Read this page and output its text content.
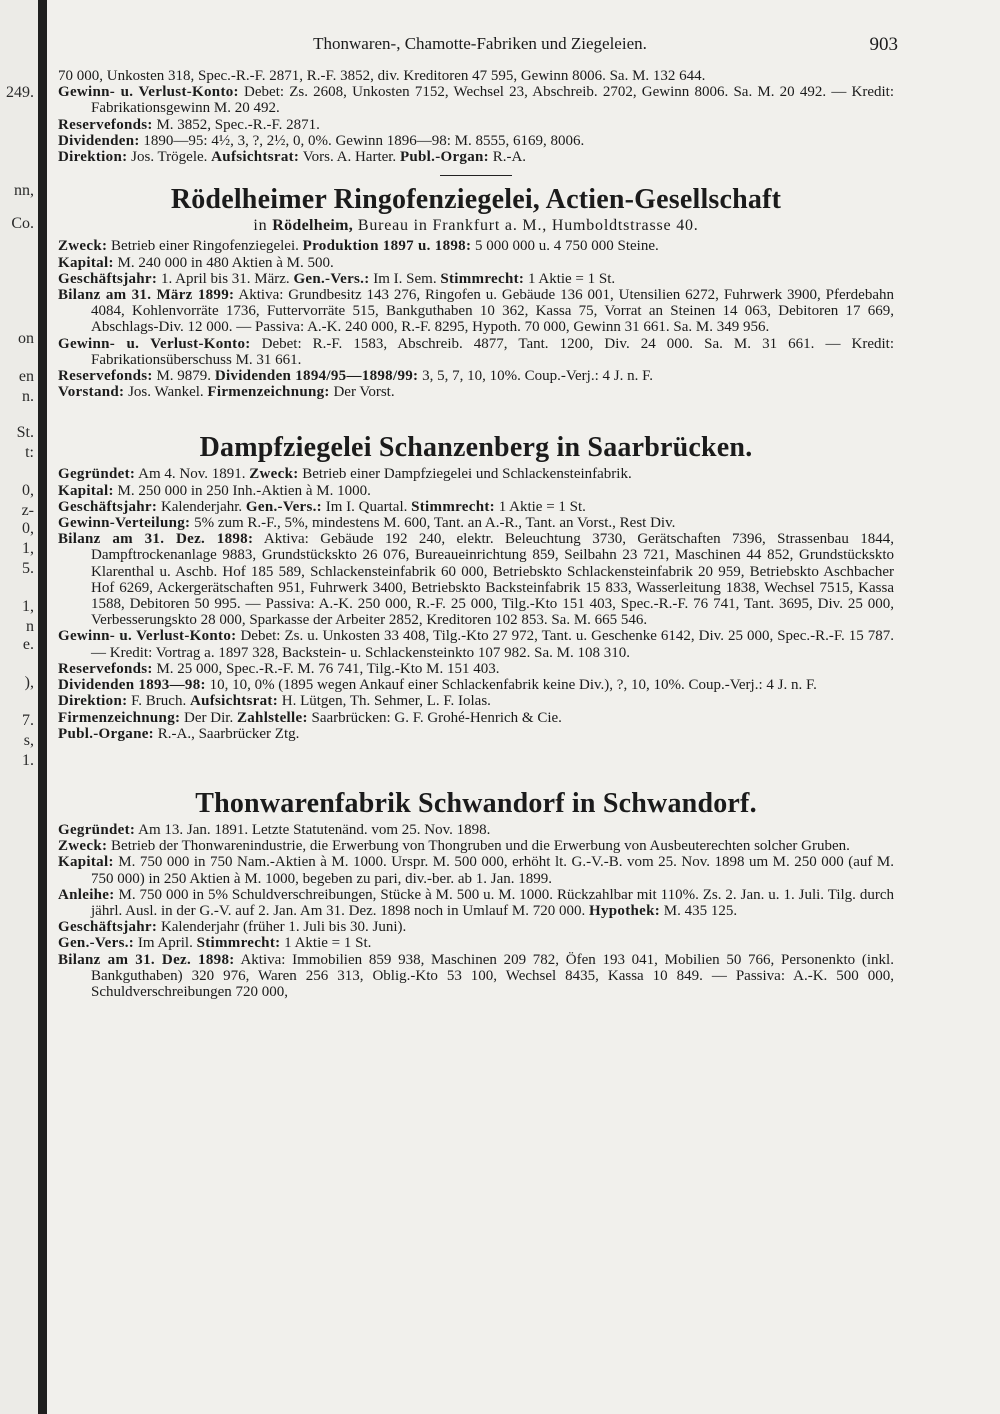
249.
nn,
Co.
on
en
n.
St.
t:
0,
z-
0,
1,
5.
1,
n
e.
),
7.
s,
1.
Thonwaren-, Chamotte-Fabriken und Ziegeleien.	903

70 000, Unkosten 318, Spec.-R.-F. 2871, R.-F. 3852, div. Kreditoren 47 595, Gewinn 8006. Sa. M. 132 644.

Gewinn- u. Verlust-Konto: Debet: Zs. 2608, Unkosten 7152, Wechsel 23, Abschreib. 2702, Gewinn 8006. Sa. M. 20 492. — Kredit: Fabrikationsgewinn M. 20 492.

Reservefonds: M. 3852, Spec.-R.-F. 2871.

Dividenden: 1890—95: 4½, 3, ?, 2½, 0, 0%. Gewinn 1896—98: M. 8555, 6169, 8006.

Direktion: Jos. Trögele. Aufsichtsrat: Vors. A. Harter. Publ.-Organ: R.-A.

Rödelheimer Ringofenziegelei, Actien-Gesellschaft
in Rödelheim, Bureau in Frankfurt a. M., Humboldtstrasse 40.

Zweck: Betrieb einer Ringofenziegelei. Produktion 1897 u. 1898: 5 000 000 u. 4 750 000 Steine.

Kapital: M. 240 000 in 480 Aktien à M. 500.

Geschäftsjahr: 1. April bis 31. März. Gen.-Vers.: Im I. Sem. Stimmrecht: 1 Aktie = 1 St.

Bilanz am 31. März 1899: Aktiva: Grundbesitz 143 276, Ringofen u. Gebäude 136 001, Utensilien 6272, Fuhrwerk 3900, Pferdebahn 4084, Kohlenvorräte 1736, Futtervorräte 515, Bankguthaben 10 362, Kassa 75, Vorrat an Steinen 14 063, Debitoren 17 669, Abschlags-Div. 12 000. — Passiva: A.-K. 240 000, R.-F. 8295, Hypoth. 70 000, Gewinn 31 661. Sa. M. 349 956.

Gewinn- u. Verlust-Konto: Debet: R.-F. 1583, Abschreib. 4877, Tant. 1200, Div. 24 000. Sa. M. 31 661. — Kredit: Fabrikationsüberschuss M. 31 661.

Reservefonds: M. 9879. Dividenden 1894/95—1898/99: 3, 5, 7, 10, 10%. Coup.-Verj.: 4 J. n. F.

Vorstand: Jos. Wankel. Firmenzeichnung: Der Vorst.

Dampfziegelei Schanzenberg in Saarbrücken.

Gegründet: Am 4. Nov. 1891. Zweck: Betrieb einer Dampfziegelei und Schlackensteinfabrik.

Kapital: M. 250 000 in 250 Inh.-Aktien à M. 1000.

Geschäftsjahr: Kalenderjahr. Gen.-Vers.: Im I. Quartal. Stimmrecht: 1 Aktie = 1 St.

Gewinn-Verteilung: 5% zum R.-F., 5%, mindestens M. 600, Tant. an A.-R., Tant. an Vorst., Rest Div.

Bilanz am 31. Dez. 1898: Aktiva: Gebäude 192 240, elektr. Beleuchtung 3730, Gerätschaften 7396, Strassenbau 1844, Dampftrockenanlage 9883, Grundstückskto 26 076, Bureaueinrichtung 859, Seilbahn 23 721, Maschinen 44 852, Grundstückskto Klarenthal u. Aschb. Hof 185 589, Schlackensteinfabrik 60 000, Betriebskto Schlackensteinfabrik 20 959, Betriebskto Aschbacher Hof 6269, Ackergerätschaften 951, Fuhrwerk 3400, Betriebskto Backsteinfabrik 15 833, Wasserleitung 1838, Wechsel 7515, Kassa 1588, Debitoren 50 995. — Passiva: A.-K. 250 000, R.-F. 25 000, Tilg.-Kto 151 403, Spec.-R.-F. 76 741, Tant. 3695, Div. 25 000, Verbesserungskto 28 000, Sparkasse der Arbeiter 2852, Kreditoren 102 853. Sa. M. 665 546.

Gewinn- u. Verlust-Konto: Debet: Zs. u. Unkosten 33 408, Tilg.-Kto 27 972, Tant. u. Geschenke 6142, Div. 25 000, Spec.-R.-F. 15 787. — Kredit: Vortrag a. 1897 328, Backstein- u. Schlackensteinkto 107 982. Sa. M. 108 310.

Reservefonds: M. 25 000, Spec.-R.-F. M. 76 741, Tilg.-Kto M. 151 403.

Dividenden 1893—98: 10, 10, 0% (1895 wegen Ankauf einer Schlackenfabrik keine Div.), ?, 10, 10%. Coup.-Verj.: 4 J. n. F.

Direktion: F. Bruch. Aufsichtsrat: H. Lütgen, Th. Sehmer, L. F. Iolas.

Firmenzeichnung: Der Dir. Zahlstelle: Saarbrücken: G. F. Grohé-Henrich & Cie.

Publ.-Organe: R.-A., Saarbrücker Ztg.

Thonwarenfabrik Schwandorf in Schwandorf.

Gegründet: Am 13. Jan. 1891. Letzte Statutenänd. vom 25. Nov. 1898.

Zweck: Betrieb der Thonwarenindustrie, die Erwerbung von Thongruben und die Erwerbung von Ausbeuterechten solcher Gruben.

Kapital: M. 750 000 in 750 Nam.-Aktien à M. 1000. Urspr. M. 500 000, erhöht lt. G.-V.-B. vom 25. Nov. 1898 um M. 250 000 (auf M. 750 000) in 250 Aktien à M. 1000, begeben zu pari, div.-ber. ab 1. Jan. 1899.

Anleihe: M. 750 000 in 5% Schuldverschreibungen, Stücke à M. 500 u. M. 1000. Rückzahlbar mit 110%. Zs. 2. Jan. u. 1. Juli. Tilg. durch jährl. Ausl. in der G.-V. auf 2. Jan. Am 31. Dez. 1898 noch in Umlauf M. 720 000. Hypothek: M. 435 125.

Geschäftsjahr: Kalenderjahr (früher 1. Juli bis 30. Juni).

Gen.-Vers.: Im April. Stimmrecht: 1 Aktie = 1 St.

Bilanz am 31. Dez. 1898: Aktiva: Immobilien 859 938, Maschinen 209 782, Öfen 193 041, Mobilien 50 766, Personenkto (inkl. Bankguthaben) 320 976, Waren 256 313, Oblig.-Kto 53 100, Wechsel 8435, Kassa 10 849. — Passiva: A.-K. 500 000, Schuldverschreibungen 720 000,
